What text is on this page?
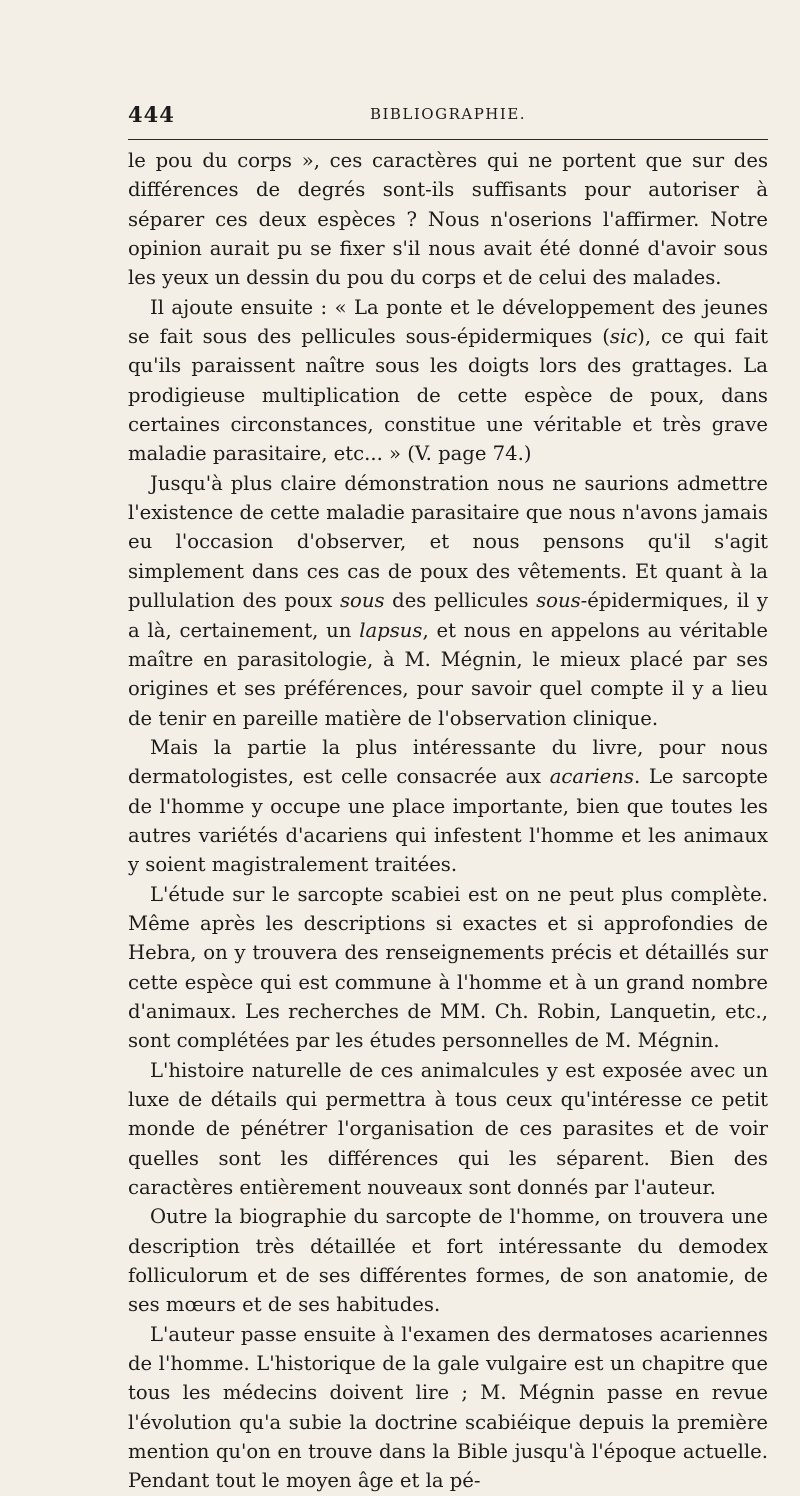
444	BIBLIOGRAPHIE.

le pou du corps », ces caractères qui ne portent que sur des différences de degrés sont-ils suffisants pour autoriser à séparer ces deux espèces ? Nous n'oserions l'affirmer. Notre opinion aurait pu se fixer s'il nous avait été donné d'avoir sous les yeux un dessin du pou du corps et de celui des malades.

Il ajoute ensuite : « La ponte et le développement des jeunes se fait sous des pellicules sous-épidermiques (sic), ce qui fait qu'ils paraissent naître sous les doigts lors des grattages. La prodigieuse multiplication de cette espèce de poux, dans certaines circonstances, constitue une véritable et très grave maladie parasitaire, etc... » (V. page 74.)

Jusqu'à plus claire démonstration nous ne saurions admettre l'existence de cette maladie parasitaire que nous n'avons jamais eu l'occasion d'observer, et nous pensons qu'il s'agit simplement dans ces cas de poux des vêtements. Et quant à la pullulation des poux sous des pellicules sous-épidermiques, il y a là, certainement, un lapsus, et nous en appelons au véritable maître en parasitologie, à M. Mégnin, le mieux placé par ses origines et ses préférences, pour savoir quel compte il y a lieu de tenir en pareille matière de l'observation clinique.

Mais la partie la plus intéressante du livre, pour nous dermatologistes, est celle consacrée aux acariens. Le sarcopte de l'homme y occupe une place importante, bien que toutes les autres variétés d'acariens qui infestent l'homme et les animaux y soient magistralement traitées.

L'étude sur le sarcopte scabiei est on ne peut plus complète. Même après les descriptions si exactes et si approfondies de Hebra, on y trouvera des renseignements précis et détaillés sur cette espèce qui est commune à l'homme et à un grand nombre d'animaux. Les recherches de MM. Ch. Robin, Lanquetin, etc., sont complétées par les études personnelles de M. Mégnin.

L'histoire naturelle de ces animalcules y est exposée avec un luxe de détails qui permettra à tous ceux qu'intéresse ce petit monde de pénétrer l'organisation de ces parasites et de voir quelles sont les différences qui les séparent. Bien des caractères entièrement nouveaux sont donnés par l'auteur.

Outre la biographie du sarcopte de l'homme, on trouvera une description très détaillée et fort intéressante du demodex folliculorum et de ses différentes formes, de son anatomie, de ses mœurs et de ses habitudes.

L'auteur passe ensuite à l'examen des dermatoses acariennes de l'homme. L'historique de la gale vulgaire est un chapitre que tous les médecins doivent lire ; M. Mégnin passe en revue l'évolution qu'a subie la doctrine scabiéique depuis la première mention qu'on en trouve dans la Bible jusqu'à l'époque actuelle. Pendant tout le moyen âge et la pé-
